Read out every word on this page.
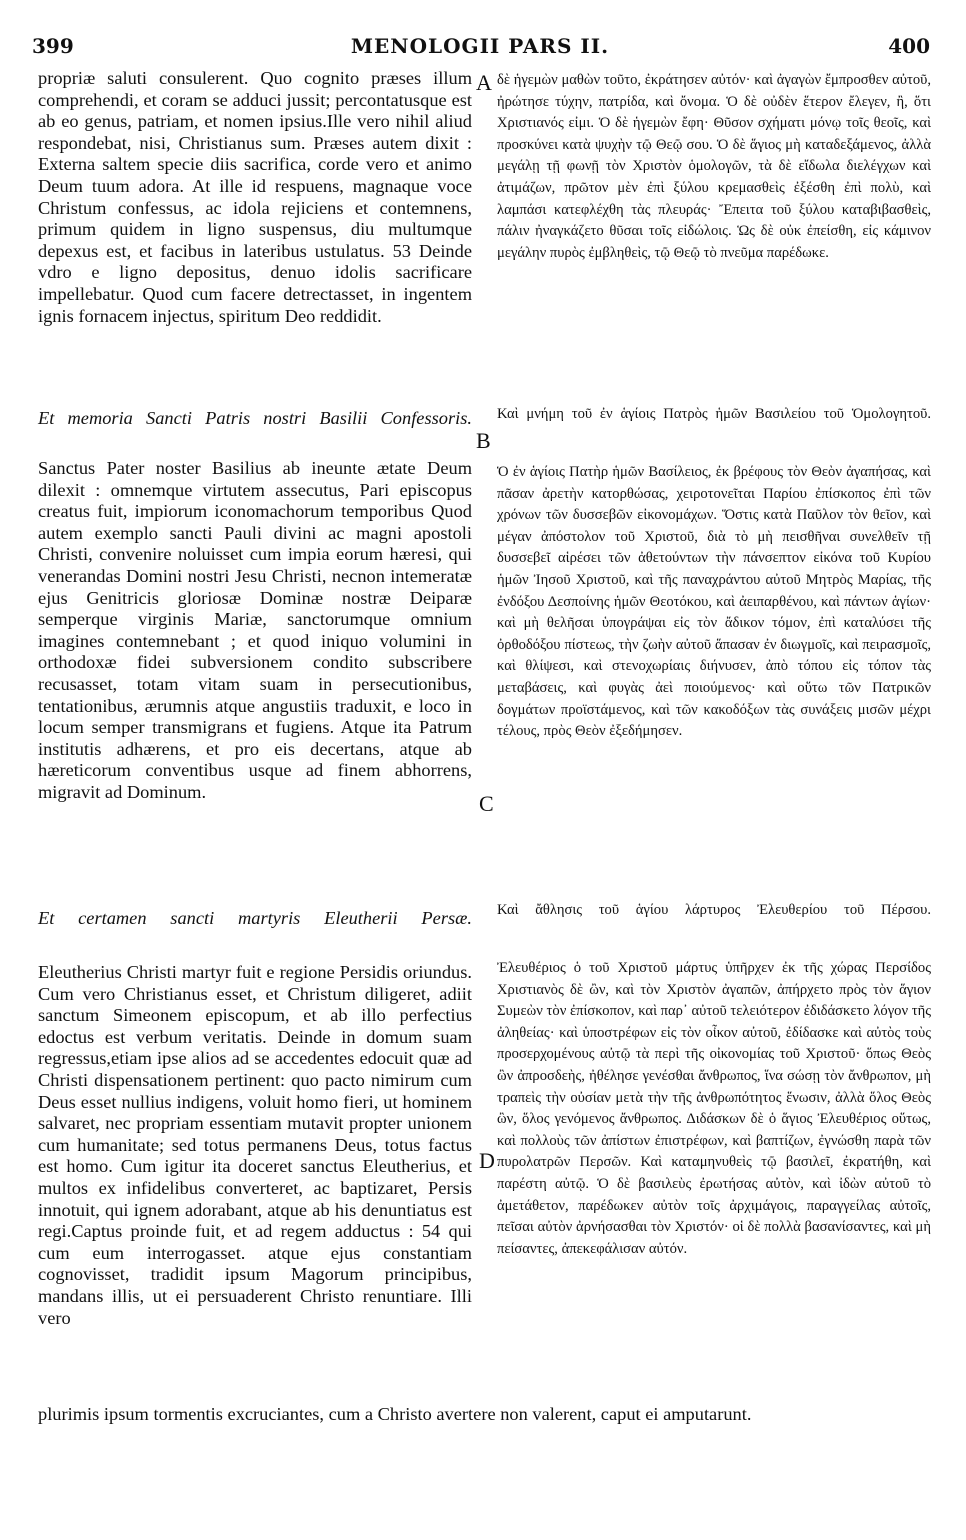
399	MENOLOGII PARS II.	400
propriæ saluti consulerent. Quo cognito præses illum comprehendi, et coram se adduci jussit; percontatusque est ab eo genus, patriam, et nomen ipsius.Ille vero nihil aliud respondebat, nisi, Christianus sum. Præses autem dixit : Externa saltem specie diis sacrifica, corde vero et animo Deum tuum adora. At ille id respuens, magnaque voce Christum confessus, ac idola rejiciens et contemnens, primum quidem in ligno suspensus, diu multumque depexus est, et facibus in lateribus ustulatus. 53 Deinde vdro e ligno depositus, denuo idolis sacrificare impellebatur. Quod cum facere detrectasset, in ingentem ignis fornacem injectus, spiritum Deo reddidit.
Et memoria Sancti Patris nostri Basilii Confessoris.
Sanctus Pater noster Basilius ab ineunte ætate Deum dilexit : omnemque virtutem assecutus, Pari episcopus creatus fuit, impiorum iconomachorum temporibus Quod autem exemplo sancti Pauli divini ac magni apostoli Christi, convenire noluisset cum impia eorum hæresi, qui venerandas Domini nostri Jesu Christi, necnon intemeratæ ejus Genitricis gloriosæ Dominæ nostræ Deiparæ semperque virginis Mariæ, sanctorumque omnium imagines contemnebant ; et quod iniquo volumini in orthodoxæ fidei subversionem condito subscribere recusasset, totam vitam suam in persecutionibus, tentationibus, ærumnis atque angustiis traduxit, e loco in locum semper transmigrans et fugiens. Atque ita Patrum institutis adhærens, et pro eis decertans, atque ab hæreticorum conventibus usque ad finem abhorrens, migravit ad Dominum.
Et certamen sancti martyris Eleutherii Persæ.
Eleutherius Christi martyr fuit e regione Persidis oriundus. Cum vero Christianus esset, et Christum diligeret, adiit sanctum Simeonem episcopum, et ab illo perfectius edoctus est verbum veritatis. Deinde in domum suam regressus,etiam ipse alios ad se accedentes edocuit quæ ad Christi dispensationem pertinent: quo pacto nimirum cum Deus esset nullius indigens, voluit homo fieri, ut hominem salvaret, nec propriam essentiam mutavit propter unionem cum humanitate; sed totus permanens Deus, totus factus est homo. Cum igitur ita doceret sanctus Eleutherius, et multos ex infidelibus converteret, ac baptizaret, Persis innotuit, qui ignem adorabant, atque ab his denuntiatus est regi.Captus proinde fuit, et ad regem adductus : 54 qui cum eum interrogasset. atque ejus constantiam cognovisset, tradidit ipsum Magorum principibus, mandans illis, ut ei persuaderent Christo renuntiare. Illi vero
δὲ ἡγεμὼν μαθὼν τοῦτο, ἐκράτησεν αὐτόν· καὶ ἀγαγὼν ἔμπροσθεν αὐτοῦ, ἠρώτησε τύχην, πατρίδα, καὶ ὄνομα. Ὁ δὲ οὐδὲν ἕτερον ἔλεγεν, ἢ, ὅτι Χριστιανός εἰμι. Ὁ δὲ ἡγεμὼν ἔφη· Θῦσον σχήματι μόνῳ τοῖς θεοῖς, καὶ προσκύνει κατὰ ψυχὴν τῷ Θεῷ σου. Ὁ δὲ ἅγιος μὴ καταδεξάμενος, ἀλλὰ μεγάλῃ τῇ φωνῇ τὸν Χριστὸν ὁμολογῶν, τὰ δὲ εἴδωλα διελέγχων καὶ ἀτιμάζων, πρῶτον μὲν ἐπὶ ξύλου κρεμασθεὶς ἐξέσθη ἐπὶ πολὺ, καὶ λαμπάσι κατεφλέχθη τὰς πλευράς· Ἔπειτα τοῦ ξύλου καταβιβασθεὶς, πάλιν ἠναγκάζετο θῦσαι τοῖς εἰδώλοις. Ὡς δὲ οὐκ ἐπείσθη, εἰς κάμινον μεγάλην πυρὸς ἐμβληθεὶς, τῷ Θεῷ τὸ πνεῦμα παρέδωκε.
Καὶ μνήμη τοῦ ἐν ἁγίοις Πατρὸς ἡμῶν Βασιλείου τοῦ Ὁμολογητοῦ.
Ὁ ἐν ἁγίοις Πατὴρ ἡμῶν Βασίλειος, ἐκ βρέφους τὸν Θεὸν ἀγαπήσας, καὶ πᾶσαν ἀρετὴν κατορθώσας, χειροτονεῖται Παρίου ἐπίσκοπος ἐπὶ τῶν χρόνων τῶν δυσσεβῶν εἰκονομάχων. Ὅστις κατὰ Παῦλον τὸν θεῖον, καὶ μέγαν ἀπόστολον τοῦ Χριστοῦ, διὰ τὸ μὴ πεισθῆναι συνελθεῖν τῇ δυσσεβεῖ αἱρέσει τῶν ἀθετούντων τὴν πάνσεπτον εἰκόνα τοῦ Κυρίου ἡμῶν Ἰησοῦ Χριστοῦ, καὶ τῆς παναχράντου αὐτοῦ Μητρὸς Μαρίας, τῆς ἐνδόξου Δεσποίνης ἡμῶν Θεοτόκου, καὶ ἀειπαρθένου, καὶ πάντων ἁγίων· καὶ μὴ θελῆσαι ὑπογράψαι εἰς τὸν ἄδικον τόμον, ἐπὶ καταλύσει τῆς ὀρθοδόξου πίστεως, τὴν ζωὴν αὐτοῦ ἅπασαν ἐν διωγμοῖς, καὶ πειρασμοῖς, καὶ θλίψεσι, καὶ στενοχωρίαις διήνυσεν, ἀπὸ τόπου εἰς τόπον τὰς μεταβάσεις, καὶ φυγὰς ἀεὶ ποιούμενος· καὶ οὕτω τῶν Πατρικῶν δογμάτων προϊστάμενος, καὶ τῶν κακοδόξων τὰς συνάξεις μισῶν μέχρι τέλους, πρὸς Θεὸν ἐξεδήμησεν.
Καὶ ἄθλησις τοῦ ἁγίου λάρτυρος Ἐλευθερίου τοῦ Πέρσου.
Ἐλευθέριος ὁ τοῦ Χριστοῦ μάρτυς ὑπῆρχεν ἐκ τῆς χώρας Περσίδος Χριστιανὸς δὲ ὢν, καὶ τὸν Χριστὸν ἀγαπῶν, ἀπήρχετο πρὸς τὸν ἅγιον Συμεὼν τὸν ἐπίσκοπον, καὶ παρ᾽ αὐτοῦ τελειότερον ἐδιδάσκετο λόγον τῆς ἀληθείας· καὶ ὑποστρέφων εἰς τὸν οἶκον αὐτοῦ, ἐδίδασκε καὶ αὐτὸς τοὺς προσερχομένους αὐτῷ τὰ περὶ τῆς οἰκονομίας τοῦ Χριστοῦ· ὅπως Θεὸς ὢν ἀπροσδεὴς, ἠθέλησε γενέσθαι ἄνθρωπος, ἵνα σώσῃ τὸν ἄνθρωπον, μὴ τραπεὶς τὴν οὐσίαν μετὰ τὴν τῆς ἀνθρωπότητος ἕνωσιν, ἀλλὰ ὅλος Θεὸς ὢν, ὅλος γενόμενος ἄνθρωπος. Διδάσκων δὲ ὁ ἅγιος Ἐλευθέριος οὕτως, καὶ πολλοὺς τῶν ἀπίστων ἐπιστρέφων, καὶ βαπτίζων, ἐγνώσθη παρὰ τῶν πυρολατρῶν Περσῶν. Καὶ καταμηνυθεὶς τῷ βασιλεῖ, ἐκρατήθη, καὶ παρέστη αὐτῷ. Ὁ δὲ βασιλεὺς ἐρωτήσας αὐτὸν, καὶ ἰδὼν αὐτοῦ τὸ ἀμετάθετον, παρέδωκεν αὐτὸν τοῖς ἀρχιμάγοις, παραγγείλας αὐτοῖς, πεῖσαι αὐτὸν ἀρνήσασθαι τὸν Χριστόν· οἱ δὲ πολλὰ βασανίσαντες, καὶ μὴ πείσαντες, ἀπεκεφάλισαν αὐτόν.
A
B
C
D
plurimis ipsum tormentis excruciantes, cum a Christo avertere non valerent, caput ei amputarunt.
